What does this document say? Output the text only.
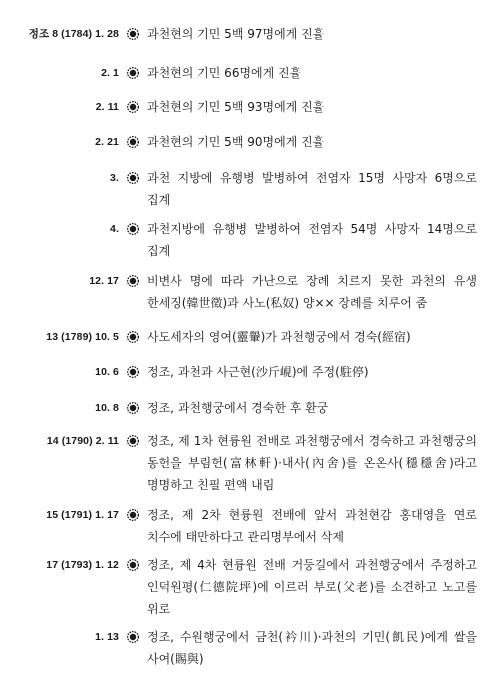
정조 8 (1784) 1. 28 과천현의 기민 5백 97명에게 진휼
2. 1 과천현의 기민 66명에게 진휼
2. 11 과천현의 기민 5백 93명에게 진휼
2. 21 과천현의 기민 5백 90명에게 진휼
3. 과천 지방에 유행병 발병하여 전염자 15명 사망자 6명으로 집계
4. 과천지방에 유행병 발병하여 전염자 54명 사망자 14명으로 집계
12. 17 비변사 명에 따라 가난으로 장례 치르지 못한 과천의 유생 한세징(韓世徵)과 사노(私奴) 양×× 장례를 치루어 줌
13 (1789) 10. 5 사도세자의 영여(靈轝)가 과천행궁에서 경숙(經宿)
10. 6 정조, 과천과 사근현(沙斤峴)에 주정(駐停)
10. 8 정조, 과천행궁에서 경숙한 후 환궁
14 (1790) 2. 11 정조, 제 1차 현륭원 전배로 과천행궁에서 경숙하고 과천행궁의 동헌을 부림헌(富林軒)·내사(內舍)를 온온사(穩穩舍)라고 명명하고 친필 편액 내림
15 (1791) 1. 17 정조, 제 2차 현륭원 전배에 앞서 과천현감 홍대영을 연로 치수에 태만하다고 관리명부에서 삭제
17 (1793) 1. 12 정조, 제 4차 현륭원 전배 거둥길에서 과천행궁에서 주정하고 인덕원평(仁德院坪)에 이르러 부로(父老)를 소견하고 노고를 위로
1. 13 정조, 수원행궁에서 금천(衿川)·과천의 기민(飢民)에게 쌀을 사여(賜與)
